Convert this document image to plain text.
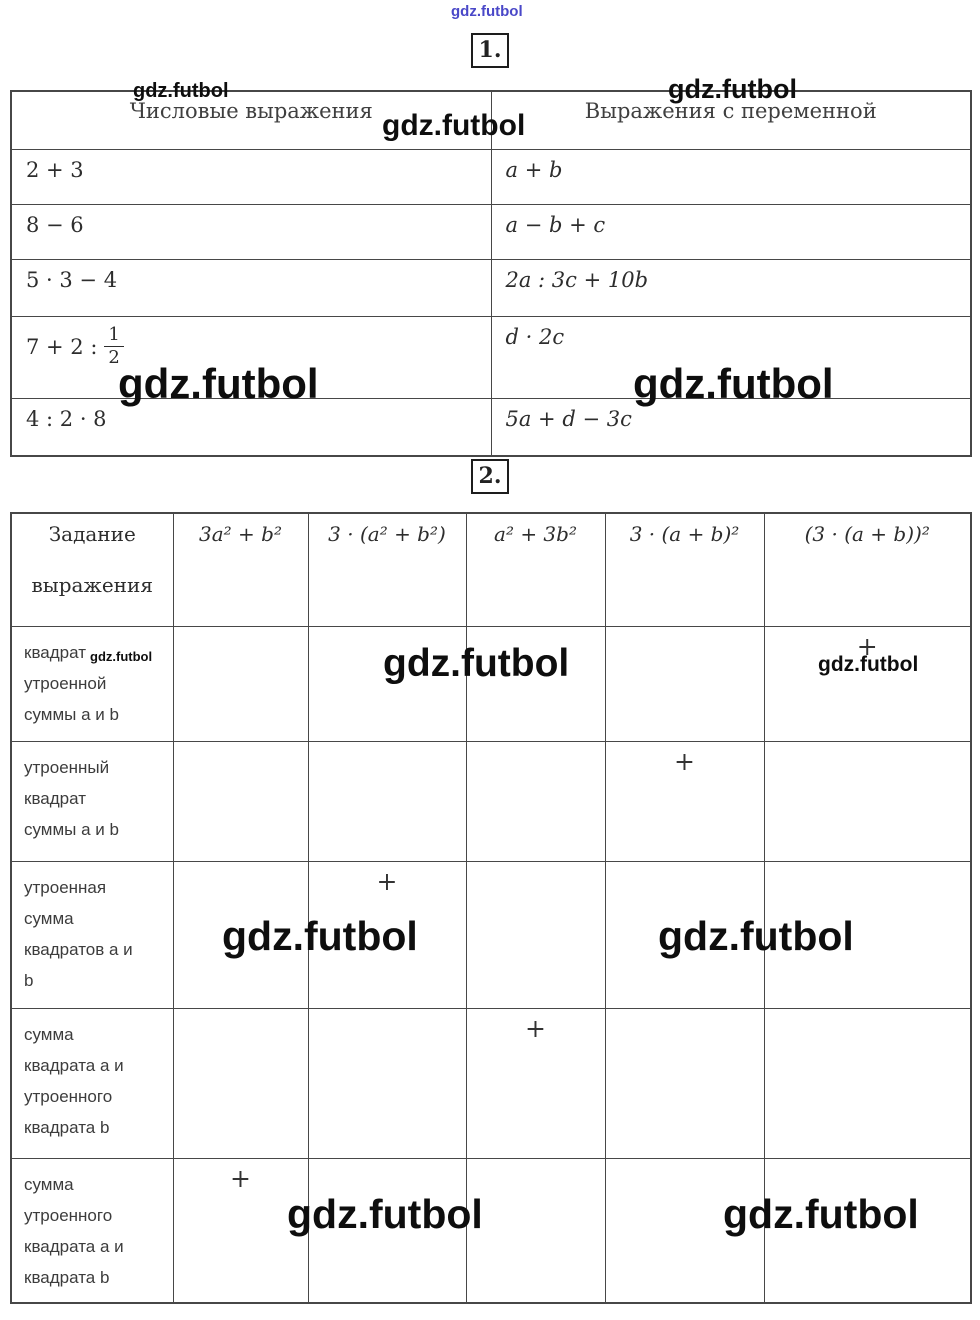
gdz.futbol
gdz.futbol	gdz.futbol
gdz.futbol
gdz.futbol	gdz.futbol
gdz.futbol	gdz.futbol	gdz.futbol
gdz.futbol	gdz.futbol
gdz.futbol	gdz.futbol
1.
2.
Числовые выражения	Выражения с переменной
2 + 3	a + b
8 − 6	a − b + c
5 · 3 − 4	2a : 3c + 10b

7 + 2 : $\frac{1}{2}$	d · 2c
4 : 2 · 8	5a + d − 3c
Задание
выражения	3a² + b²	3 · (a² + b²)	a² + 3b²	3 · (a + b)²	(3 · (a + b))²

квадрат
утроенной
суммы a и b					+

утроенный
квадрат
суммы a и b				+	

утроенная
сумма
квадратов a и
b		+			

сумма
квадрата a и
утроенного
квадрата b			+		

сумма
утроенного
квадрата a и
квадрата b	+				
